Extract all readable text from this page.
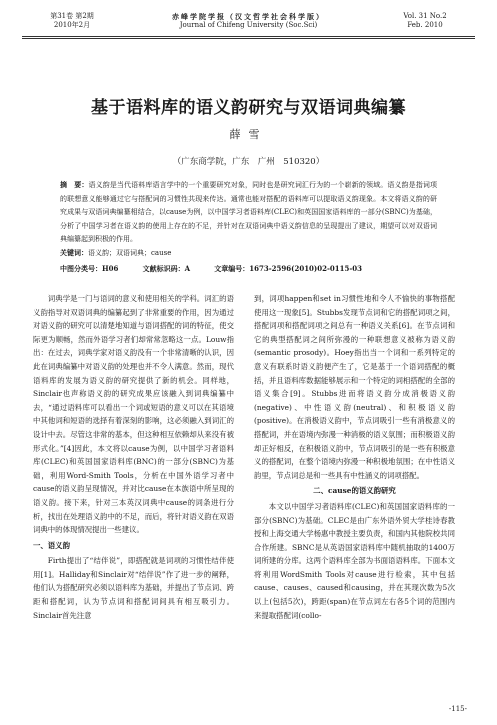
第31卷 第2期
2010年2月
赤峰学院学报（汉文哲学社会科学版）
Journal of Chifeng University (Soc.Sci)
Vol. 31 No.2
Feb. 2010
基于语料库的语义韵研究与双语词典编纂
薛雪
（广东商学院，广东　广州　510320）
摘　要：语义韵是当代语料库语言学中的一个重要研究对象，同时也是研究词汇行为的一个崭新的领域。语义韵是指词项的联想意义能够通过它与搭配词的习惯性共现来传达。通常也能对搭配的语料库可以提取语义韵现象。本文将语义韵的研究成果与双语词典编纂相结合，以cause为例，以中国学习者语料库(CLEC)和英国国家语料库的一部分(SBNC)为基础，分析了中国学习者在语义韵的使用上存在的不足，并针对在双语词典中语义韵信息的呈现提出了建议，期望可以对双语词典编纂起到积极的作用。
关键词：语义韵；双语词典；cause
中图分类号：H06	文献标识码：A	文章编号：1673-2596(2010)02-0115-03

词典学是一门与语词的意义和使用相关的学科。词汇的语义韵指导对双语词典的编纂起到了非常重要的作用，因为通过对语义韵的研究可以清楚地知道与语词搭配的词的特征，使交际更为顺畅，然而外语学习者们却常常忽略这一点。Louw指出：在过去，词典学家对语义韵没有一个非常清晰的认识，因此在词典编纂中对语义韵的处理也并不令人满意。然而，现代语料库的发展为语义韵的研究提供了新的机会。同样地，Sinclair也声称语义韵的研究成果应该融入到词典编纂中去，“通过语料库可以看出一个词或短语的意义可以在其语境中其他词和短语的选择有着深刻的影响，这必须融入到词汇的设计中去。尽管这非常的基本，但这种相互依赖却从来没有被形式化。”[4]因此，本文将以cause为例，以中国学习者语料库(CLEC)和英国国家语料库(BNC)的一部分(SBNC)为基础，利用Word-Smith Tools，分析在中国外语学习者中cause的语义韵呈现情况，并对比cause在本族语中所呈现的语义韵。接下来，针对三本英汉词典中cause的词条进行分析，找出在处理语义韵中的不足，而后，将针对语义韵在双语词典中的体现情况提出一些建议。

一、语义韵

Firth提出了“结伴说”，即搭配就是词项的习惯性结伴使用[1]。Halliday和Sinclair对“结伴说”作了进一步的阐释，他们认为搭配研究必须以语料库为基础，并提出了节点词、跨距和搭配词，认为节点词和搭配词间具有相互吸引力。Sinclair首先注意

到，词项happen和set in习惯性地和令人不愉快的事物搭配使用这一现象[5]。Stubbs发现节点词和它的搭配词项之间，搭配词项和搭配词项之间总有一种语义关系[6]。在节点词和它的典型搭配词之间所弥漫的一种联想意义被称为语义韵(semantic prosody)。Hoey指出当一个词和一系列特定的意义有联系时语义韵便产生了，它是基于一个语词搭配的概括，并且语料库数据能够展示和一个特定的词相搭配的全部的语义集合[9]。Stubbs进而将语义韵分成消极语义韵(negative)、中性语义韵(neutral)、和积极语义韵(positive)。在消极语义韵中，节点词吸引一些有消极意义的搭配词，并在语境内弥漫一种消极的语义氛围；而积极语义韵却正好相反，在积极语义韵中，节点词吸引的是一些有积极意义的搭配词，在整个语境内弥漫一种积极地氛围；在中性语义韵里，节点词总是和一些具有中性涵义的词项搭配。

二、cause的语义韵研究

本文以中国学习者语料库(CLEC)和英国国家语料库的一部分(SBNC)为基础。CLEC是由广东外语外贸大学桂诗春教授和上海交通大学杨惠中教授主要负责，和国内其他院校共同合作所建。SBNC是从英语国家语料库中随机抽取的1400万词所建的分库。这两个语料库全部为书面语语料库。下面本文将利用WordSmith Tools对cause进行检索，其中包括cause、causes、caused和causing，并在其现次数为5次以上(包括5次)，跨距(span)在节点词左右各5个词的范围内来提取搭配词(collo-

-115-
